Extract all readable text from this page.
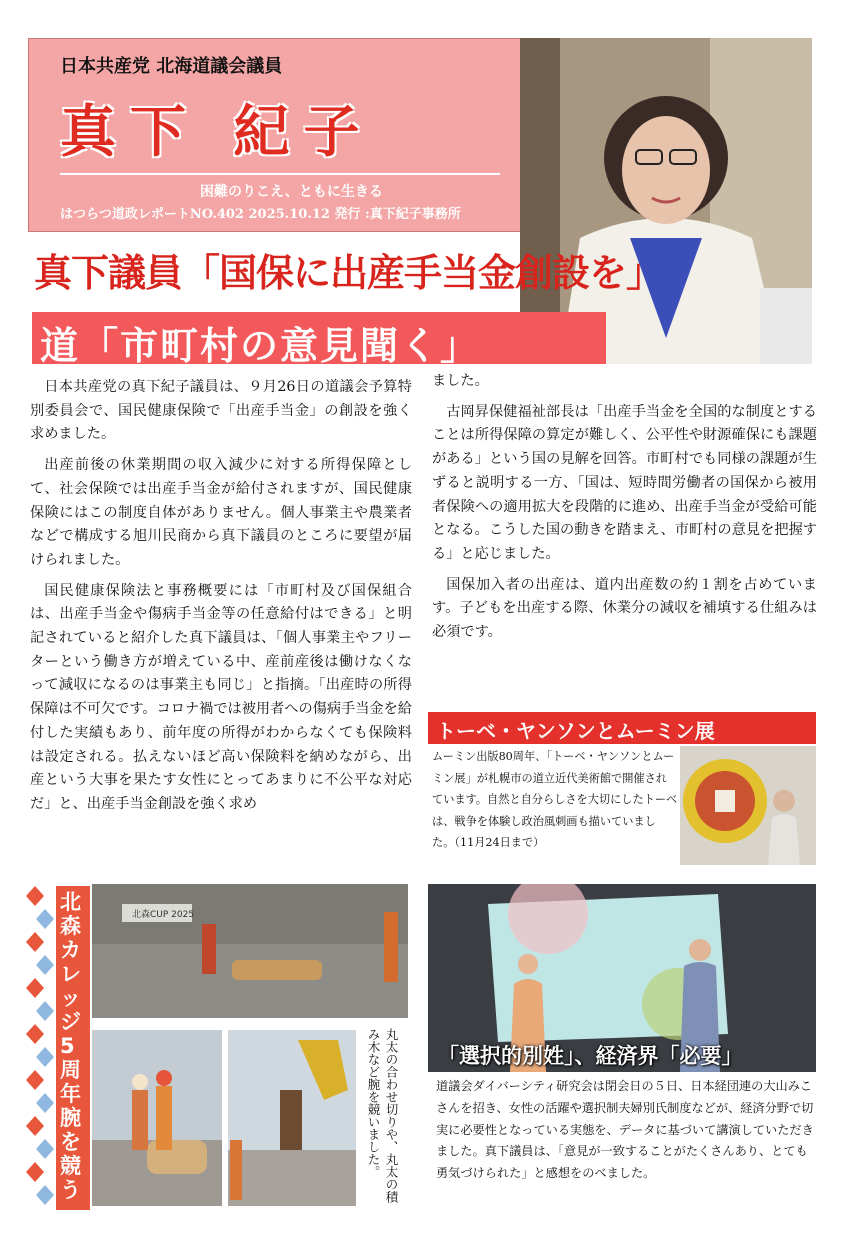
日本共産党 北海道議会議員
真下 紀子
困難のりこえ、ともに生きる
はつらつ道政レポートNO.402 2025.10.12 発行 :真下紀子事務所
真下議員「国保に出産手当金創設を」
道「市町村の意見聞く」

日本共産党の真下紀子議員は、９月26日の道議会予算特別委員会で、国民健康保険で「出産手当金」の創設を強く求めました。

出産前後の休業期間の収入減少に対する所得保障として、社会保険では出産手当金が給付されますが、国民健康保険にはこの制度自体がありません。個人事業主や農業者などで構成する旭川民商から真下議員のところに要望が届けられました。

国民健康保険法と事務概要には「市町村及び国保組合は、出産手当金や傷病手当金等の任意給付はできる」と明記されていると紹介した真下議員は、「個人事業主やフリーターという働き方が増えている中、産前産後は働けなくなって減収になるのは事業主も同じ」と指摘。「出産時の所得保障は不可欠です。コロナ禍では被用者への傷病手当金を給付した実績もあり、前年度の所得がわからなくても保険料は設定される。払えないほど高い保険料を納めながら、出産という大事を果たす女性にとってあまりに不公平な対応だ」と、出産手当金創設を強く求め

ました。

古岡昇保健福祉部長は「出産手当金を全国的な制度とすることは所得保障の算定が難しく、公平性や財源確保にも課題がある」という国の見解を回答。市町村でも同様の課題が生ずると説明する一方、「国は、短時間労働者の国保から被用者保険への適用拡大を段階的に進め、出産手当金が受給可能となる。こうした国の動きを踏まえ、市町村の意見を把握する」と応じました。

国保加入者の出産は、道内出産数の約１割を占めています。子どもを出産する際、休業分の減収を補填する仕組みは必須です。

トーベ・ヤンソンとムーミン展
ムーミン出版80周年、「トーベ・ヤンソンとムーミン展」が札幌市の道立近代美術館で開催されています。自然と自分らしさを大切にしたトーベは、戦争を体験し政治風刺画も描いていました。（11月24日まで）
北森カレッジ5周年 腕を競う
北森CUP 2025
丸太の合わせ切りや、丸太の積み木など腕を競いました。	「選択的別姓」、経済界「必要」
道議会ダイバーシティ研究会は閉会日の５日、日本経団連の大山みこさんを招き、女性の活躍や選択制夫婦別氏制度などが、経済分野で切実に必要性となっている実態を、データに基づいて講演していただきました。真下議員は、「意見が一致することがたくさんあり、とても勇気づけられた」と感想をのべました。
